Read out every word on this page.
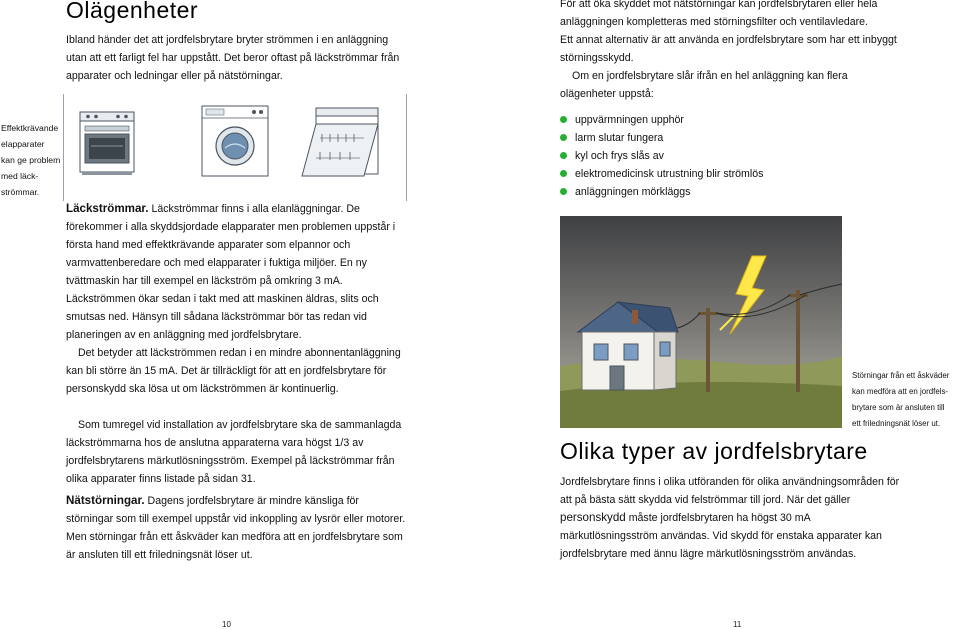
Olägenheter

Ibland händer det att jordfelsbrytare bryter strömmen i en anläggning utan att ett farligt fel har uppstått. Det beror oftast på läckströmmar från apparater och ledningar eller på nätstörningar.

Effektkrävande
elapparater
kan ge problem
med läck-
strömmar.

Läckströmmar. Läckströmmar finns i alla elanläggningar. De förekommer i alla skyddsjordade elapparater men problemen uppstår i första hand med effektkrävande apparater som elpannor och varmvattenberedare och med elapparater i fuktiga miljöer. En ny tvättmaskin har till exempel en läckström på omkring 3 mA. Läckströmmen ökar sedan i takt med att maskinen äldras, slits och smutsas ned. Hänsyn till sådana läckströmmar bör tas redan vid planeringen av en anläggning med jordfelsbrytare.

Det betyder att läckströmmen redan i en mindre abonnentanläggning kan bli större än 15 mA. Det är tillräckligt för att en jordfelsbrytare för personskydd ska lösa ut om läckströmmen är kontinuerlig.

Som tumregel vid installation av jordfelsbrytare ska de sammanlagda läckströmmarna hos de anslutna apparaterna vara högst 1/3 av jordfelsbrytarens märkutlösningsström. Exempel på läckströmmar från olika apparater finns listade på sidan 31.

Nätstörningar. Dagens jordfelsbrytare är mindre känsliga för störningar som till exempel uppstår vid inkoppling av lysrör eller motorer. Men störningar från ett åskväder kan medföra att en jordfelsbrytare som är ansluten till ett friledningsnät löser ut.

10

För att öka skyddet mot nätstörningar kan jordfelsbrytaren eller hela anläggningen kompletteras med störningsfilter och ventilavledare.

Ett annat alternativ är att använda en jordfelsbrytare som har ett inbyggt störningsskydd.

Om en jordfelsbrytare slår ifrån en hel anläggning kan flera olägenheter uppstå:

uppvärmningen upphör
larm slutar fungera
kyl och frys slås av
elektromedicinsk utrustning blir strömlös
anläggningen mörkläggs
Störningar från ett åskväder
kan medföra att en jordfels-
brytare som är ansluten till
ett friledningsnät löser ut.
Olika typer av jordfelsbrytare

Jordfelsbrytare finns i olika utföranden för olika användningsområden för att på bästa sätt skydda vid felströmmar till jord. När det gäller personskydd måste jordfelsbrytaren ha högst 30 mA märkutlösningsström användas. Vid skydd för enstaka apparater kan jordfelsbrytare med ännu lägre märkutlösningsström användas.

11
